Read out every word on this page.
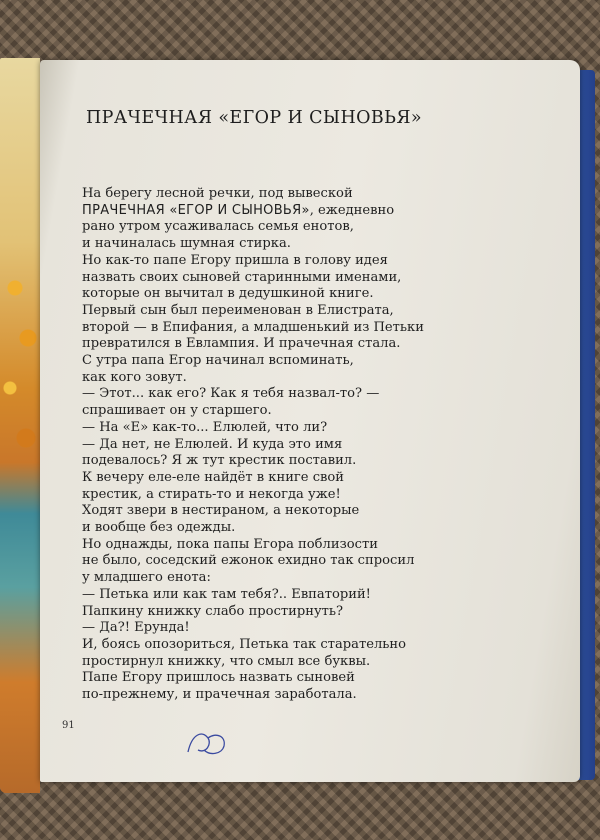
ПРАЧЕЧНАЯ «ЕГОР И СЫНОВЬЯ»
На берегу лесной речки, под вывеской
ПРАЧЕЧНАЯ «ЕГОР И СЫНОВЬЯ», ежедневно
рано утром усаживалась семья енотов,
и начиналась шумная стирка.
Но как-то папе Егору пришла в голову идея
назвать своих сыновей старинными именами,
которые он вычитал в дедушкиной книге.
Первый сын был переименован в Елистрата,
второй — в Епифания, а младшенький из Петьки
превратился в Евлампия. И прачечная стала.
С утра папа Егор начинал вспоминать,
как кого зовут.
— Этот... как его? Как я тебя назвал-то? —
спрашивает он у старшего.
— На «Е» как-то... Елюлей, что ли?
— Да нет, не Елюлей. И куда это имя
подевалось? Я ж тут крестик поставил.
К вечеру еле-еле найдёт в книге свой
крестик, а стирать-то и некогда уже!
Ходят звери в нестираном, а некоторые
и вообще без одежды.
Но однажды, пока папы Егора поблизости
не было, соседский ежонок ехидно так спросил
у младшего енота:
— Петька или как там тебя?.. Евпаторий!
Папкину книжку слабо простирнуть?
— Да?! Ерунда!
И, боясь опозориться, Петька так старательно
простирнул книжку, что смыл все буквы.
Папе Егору пришлось назвать сыновей
по-прежнему, и прачечная заработала.
91
